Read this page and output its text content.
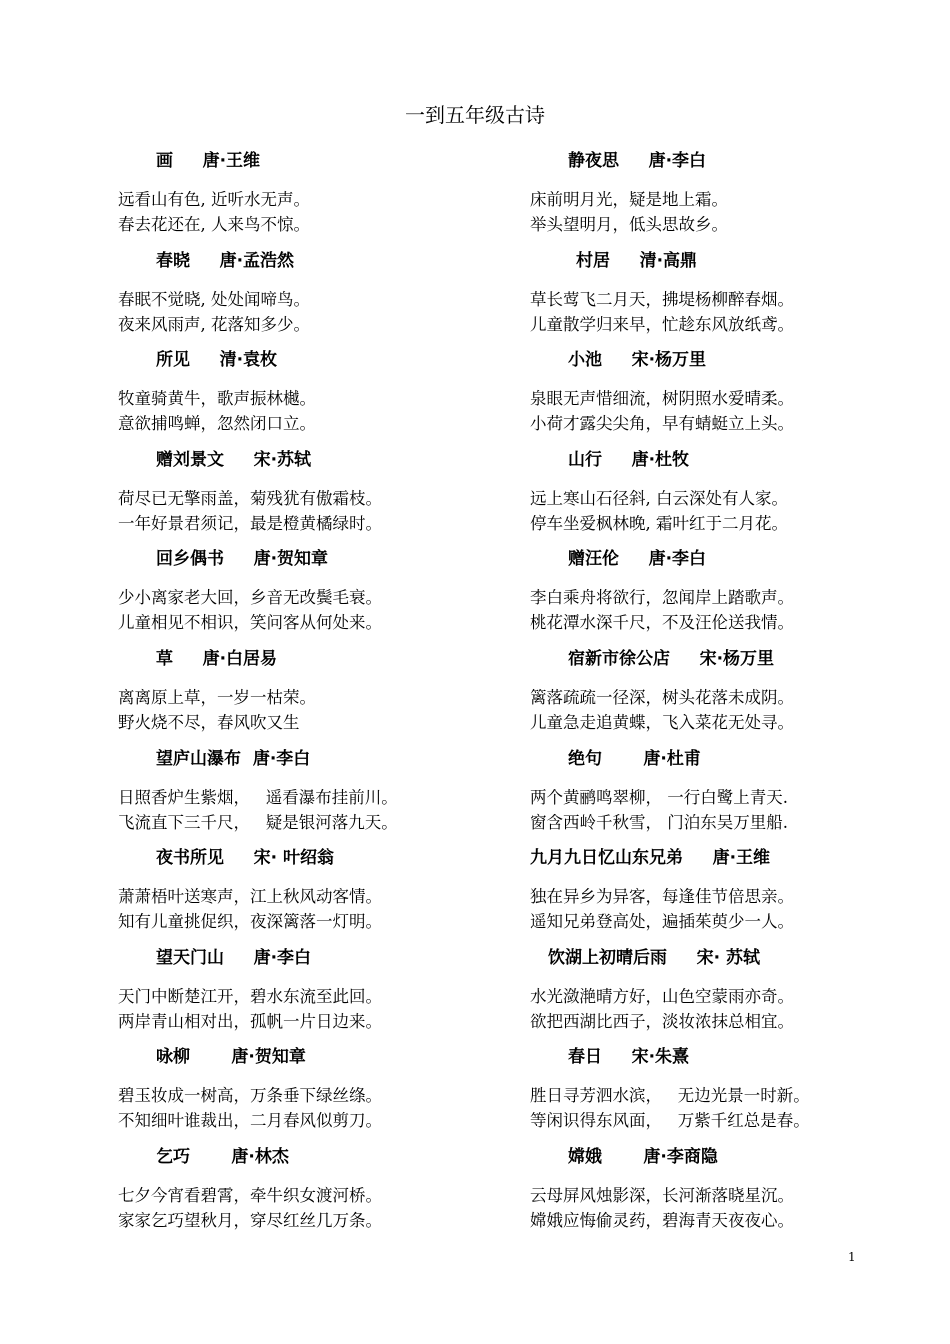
一到五年级古诗
画     唐·王维
远看山有色, 近听水无声。
春去花还在, 人来鸟不惊。
春晓     唐·孟浩然
春眠不觉晓, 处处闻啼鸟。
夜来风雨声, 花落知多少。
所见     清·袁枚
牧童骑黄牛，歌声振林樾。
意欲捕鸣蝉，忽然闭口立。
赠刘景文     宋·苏轼
荷尽已无擎雨盖，菊残犹有傲霜枝。
一年好景君须记，最是橙黄橘绿时。
回乡偶书     唐·贺知章
少小离家老大回，乡音无改鬓毛衰。
儿童相见不相识，笑问客从何处来。
草     唐·白居易
离离原上草，一岁一枯荣。
野火烧不尽，春风吹又生
望庐山瀑布  唐·李白
日照香炉生紫烟，   遥看瀑布挂前川。
飞流直下三千尺，   疑是银河落九天。
夜书所见     宋· 叶绍翁
萧萧梧叶送寒声，江上秋风动客情。
知有儿童挑促织，夜深篱落一灯明。
望天门山     唐·李白
天门中断楚江开，碧水东流至此回。
两岸青山相对出，孤帆一片日边来。
咏柳       唐·贺知章
碧玉妆成一树高，万条垂下绿丝绦。
不知细叶谁裁出，二月春风似剪刀。
乞巧       唐·林杰
七夕今宵看碧霄，牵牛织女渡河桥。
家家乞巧望秋月，穿尽红丝几万条。
静夜思     唐·李白
床前明月光，疑是地上霜。
举头望明月，低头思故乡。
村居     清·高鼎
草长莺飞二月天，拂堤杨柳醉春烟。
儿童散学归来早，忙趁东风放纸鸢。
小池     宋·杨万里
泉眼无声惜细流，树阴照水爱晴柔。
小荷才露尖尖角，早有蜻蜓立上头。
山行     唐·杜牧
远上寒山石径斜, 白云深处有人家。
停车坐爱枫林晚, 霜叶红于二月花。
赠汪伦     唐·李白
李白乘舟将欲行，忽闻岸上踏歌声。
桃花潭水深千尺，不及汪伦送我情。
宿新市徐公店     宋·杨万里
篱落疏疏一径深，树头花落未成阴。
儿童急走追黄蝶，飞入菜花无处寻。
绝句       唐·杜甫
两个黄鹂鸣翠柳， 一行白鹭上青天.
窗含西岭千秋雪， 门泊东吴万里船.
九月九日忆山东兄弟     唐·王维
独在异乡为异客，每逢佳节倍思亲。
遥知兄弟登高处，遍插茱萸少一人。
饮湖上初晴后雨     宋· 苏轼
水光潋滟晴方好，山色空蒙雨亦奇。
欲把西湖比西子，淡妆浓抹总相宜。
春日     宋·朱熹
胜日寻芳泗水滨，   无边光景一时新。
等闲识得东风面，   万紫千红总是春。
嫦娥       唐·李商隐
云母屏风烛影深，长河渐落晓星沉。
嫦娥应悔偷灵药，碧海青天夜夜心。
1
